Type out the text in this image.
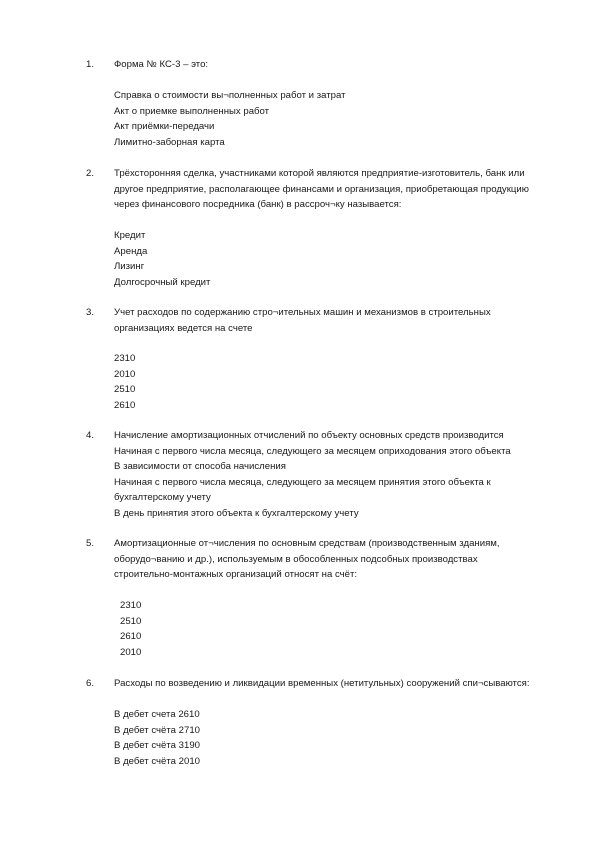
1. Форма № КС-3 – это:
Справка о стоимости вы¬полненных работ и затрат
Акт о приемке выполненных работ
Акт приёмки-передачи
Лимитно-заборная карта
2. Трёхсторонняя сделка, участниками которой являются предприятие-изготовитель, банк или
другое предприятие, располагающее финансами и организация, приобретающая продукцию
через финансового посредника (банк) в рассроч¬ку называется:
Кредит
Аренда
Лизинг
Долгосрочный кредит
3. Учет расходов по содержанию стро¬ительных машин и механизмов в строительных
организациях ведется на счете
2310
2010
2510
2610
4. Начисление амортизационных отчислений по объекту основных средств производится
Начиная с первого числа месяца, следующего за месяцем оприходования этого объекта
В зависимости от способа начисления
Начиная с первого числа месяца, следующего за месяцем принятия этого объекта к
бухгалтерскому учету
В день принятия этого объекта к бухгалтерскому учету
5. Амортизационные от¬числения по основным средствам (производственным зданиям,
оборудо¬ванию и др.), используемым в обособленных подсобных производствах
строительно-монтажных организаций относят на счёт:
2310
2510
2610
2010
6. Расходы по возведению и ликвидации временных (нетитульных) сооружений спи¬сываются:
В дебет счета 2610
В дебет счёта 2710
В дебет счёта 3190
В дебет счёта 2010
